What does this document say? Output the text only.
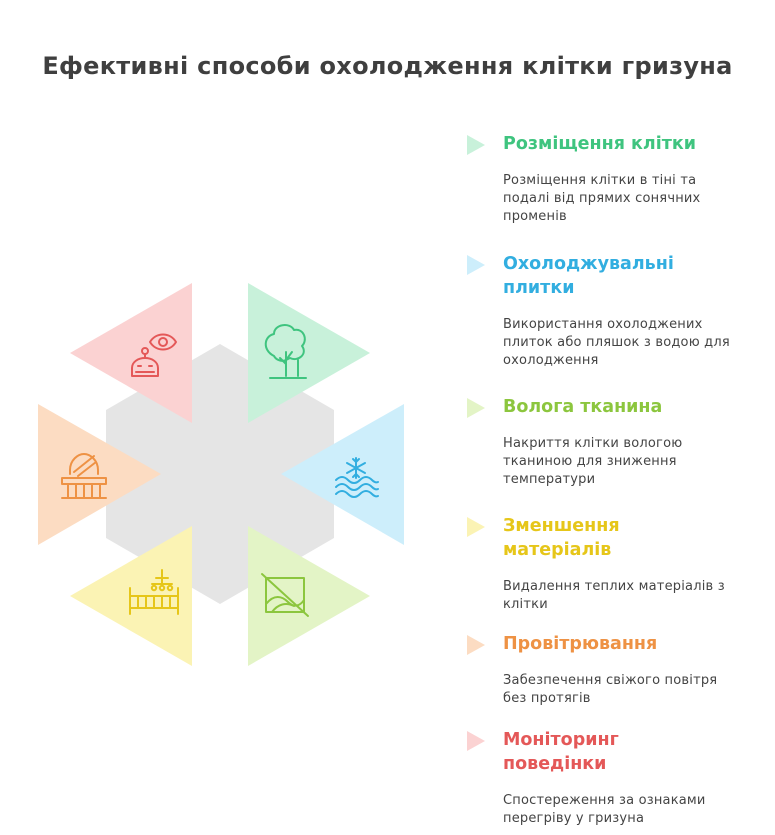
Ефективні способи охолодження клітки гризуна
Розміщення клітки
Розміщення клітки в тіні та подалі від прямих сонячних променів
Охолоджувальні плитки
Використання охолоджених плиток або пляшок з водою для охолодження
Волога тканина
Накриття клітки вологою тканиною для зниження температури
Зменшення матеріалів
Видалення теплих матеріалів з клітки
Провітрювання
Забезпечення свіжого повітря без протягів
Моніторинг поведінки
Спостереження за ознаками перегріву у гризуна
